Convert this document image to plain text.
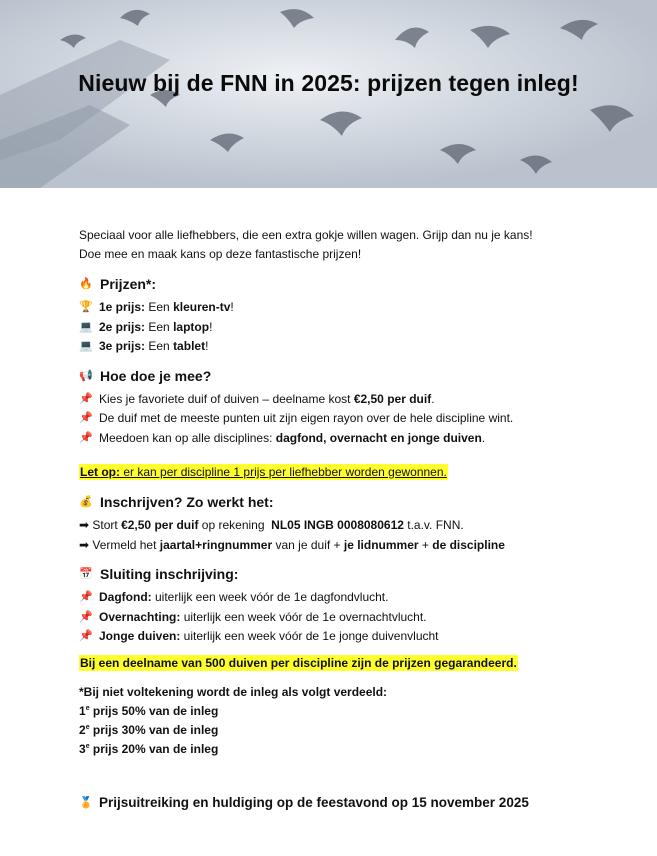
Nieuw bij de FNN in 2025: prijzen tegen inleg!

Speciaal voor alle liefhebbers, die een extra gokje willen wagen. Grijp dan nu je kans!

Doe mee en maak kans op deze fantastische prijzen!

🔥 Prijzen*:
🏆 1e prijs: Een kleuren-tv !
💻 2e prijs: Een laptop !
💻 3e prijs: Een tablet !
📢 Hoe doe je mee?
📌 Kies je favoriete duif of duiven – deelname kost €2,50 per duif .
📌 De duif met de meeste punten uit zijn eigen rayon over de hele discipline wint.
📌 Meedoen kan op alle disciplines: dagfond, overnacht en jonge duiven .
Let op: er kan per discipline 1 prijs per liefhebber worden gewonnen.
💰 Inschrijven? Zo werkt het:
➡ Stort €2,50 per duif op rekening NL05 INGB 0008080612 t.a.v. FNN.
➡ Vermeld het jaartal+ringnummer van je duif + je lidnummer + de discipline
📅 Sluiting inschrijving:
📌 Dagfond: uiterlijk een week vóór de 1e dagfondvlucht.
📌 Overnachting: uiterlijk een week vóór de 1e overnachtvlucht.
📌 Jonge duiven: uiterlijk een week vóór de 1e jonge duivenvlucht
Bij een deelname van 500 duiven per discipline zijn de prijzen gegarandeerd.
*Bij niet voltekening wordt de inleg als volgt verdeeld:
1e prijs 50% van de inleg
2e prijs 30% van de inleg
3e prijs 20% van de inleg
🏅 Prijsuitreiking en huldiging op de feestavond op 15 november 2025
